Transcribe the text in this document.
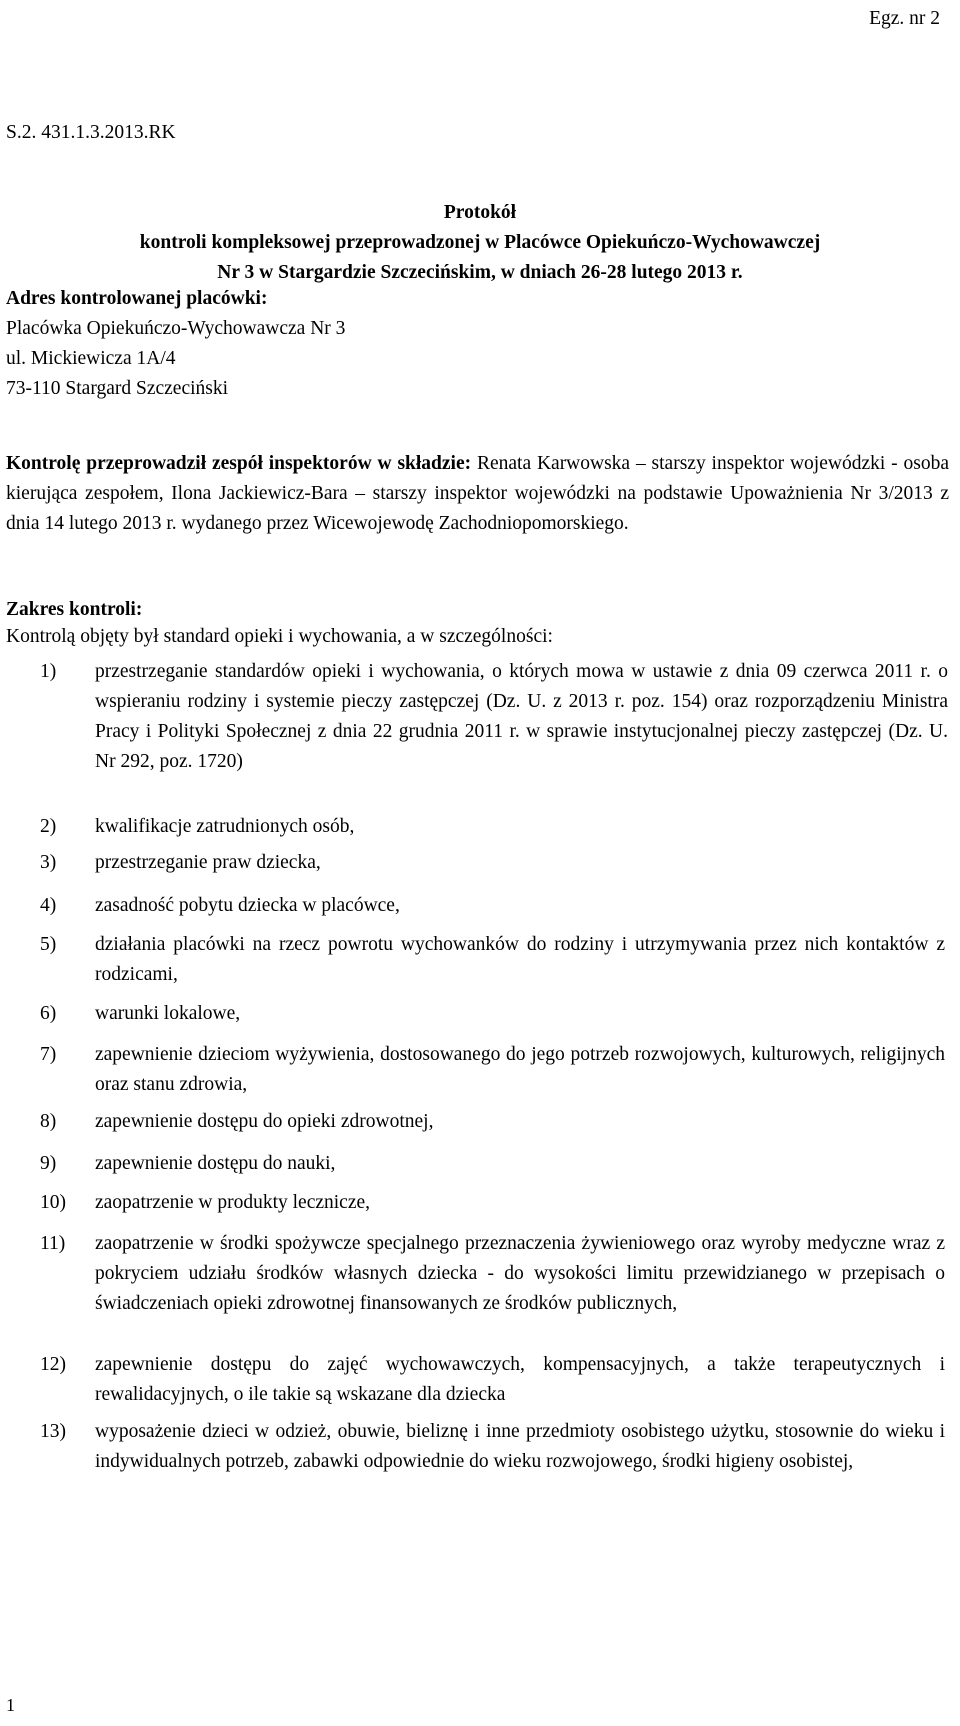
Egz. nr 2
S.2. 431.1.3.2013.RK
Protokół
kontroli kompleksowej przeprowadzonej w Placówce Opiekuńczo-Wychowawczej
Nr 3 w Stargardzie Szczecińskim, w dniach 26-28 lutego 2013 r.
Adres kontrolowanej placówki:
Placówka Opiekuńczo-Wychowawcza Nr 3
ul. Mickiewicza 1A/4
73-110 Stargard Szczeciński
Kontrolę przeprowadził zespół inspektorów w składzie: Renata Karwowska – starszy inspektor wojewódzki - osoba kierująca zespołem, Ilona Jackiewicz-Bara – starszy inspektor wojewódzki na podstawie Upoważnienia Nr 3/2013 z dnia 14 lutego 2013 r. wydanego przez Wicewojewodę Zachodniopomorskiego.
Zakres kontroli:
Kontrolą objęty był standard opieki i wychowania, a w szczególności:
1) przestrzeganie standardów opieki i wychowania, o których mowa w ustawie z dnia 09 czerwca 2011 r. o wspieraniu rodziny i systemie pieczy zastępczej (Dz. U. z 2013 r. poz. 154) oraz rozporządzeniu Ministra Pracy i Polityki Społecznej z dnia 22 grudnia 2011 r. w sprawie instytucjonalnej pieczy zastępczej (Dz. U. Nr 292, poz. 1720)
2) kwalifikacje zatrudnionych osób,
3) przestrzeganie praw dziecka,
4) zasadność pobytu dziecka w placówce,
5) działania placówki na rzecz powrotu wychowanków do rodziny i utrzymywania przez nich kontaktów z rodzicami,
6) warunki lokalowe,
7) zapewnienie dzieciom wyżywienia, dostosowanego do jego potrzeb rozwojowych, kulturowych, religijnych oraz stanu zdrowia,
8) zapewnienie dostępu do opieki zdrowotnej,
9) zapewnienie dostępu do nauki,
10) zaopatrzenie w produkty lecznicze,
11) zaopatrzenie w środki spożywcze specjalnego przeznaczenia żywieniowego oraz wyroby medyczne wraz z pokryciem udziału środków własnych dziecka - do wysokości limitu przewidzianego w przepisach o świadczeniach opieki zdrowotnej finansowanych ze środków publicznych,
12) zapewnienie dostępu do zajęć wychowawczych, kompensacyjnych, a także terapeutycznych i rewalidacyjnych, o ile takie są wskazane dla dziecka
13) wyposażenie dzieci w odzież, obuwie, bieliznę i inne przedmioty osobistego użytku, stosownie do wieku i indywidualnych potrzeb, zabawki odpowiednie do wieku rozwojowego, środki higieny osobistej,
1
